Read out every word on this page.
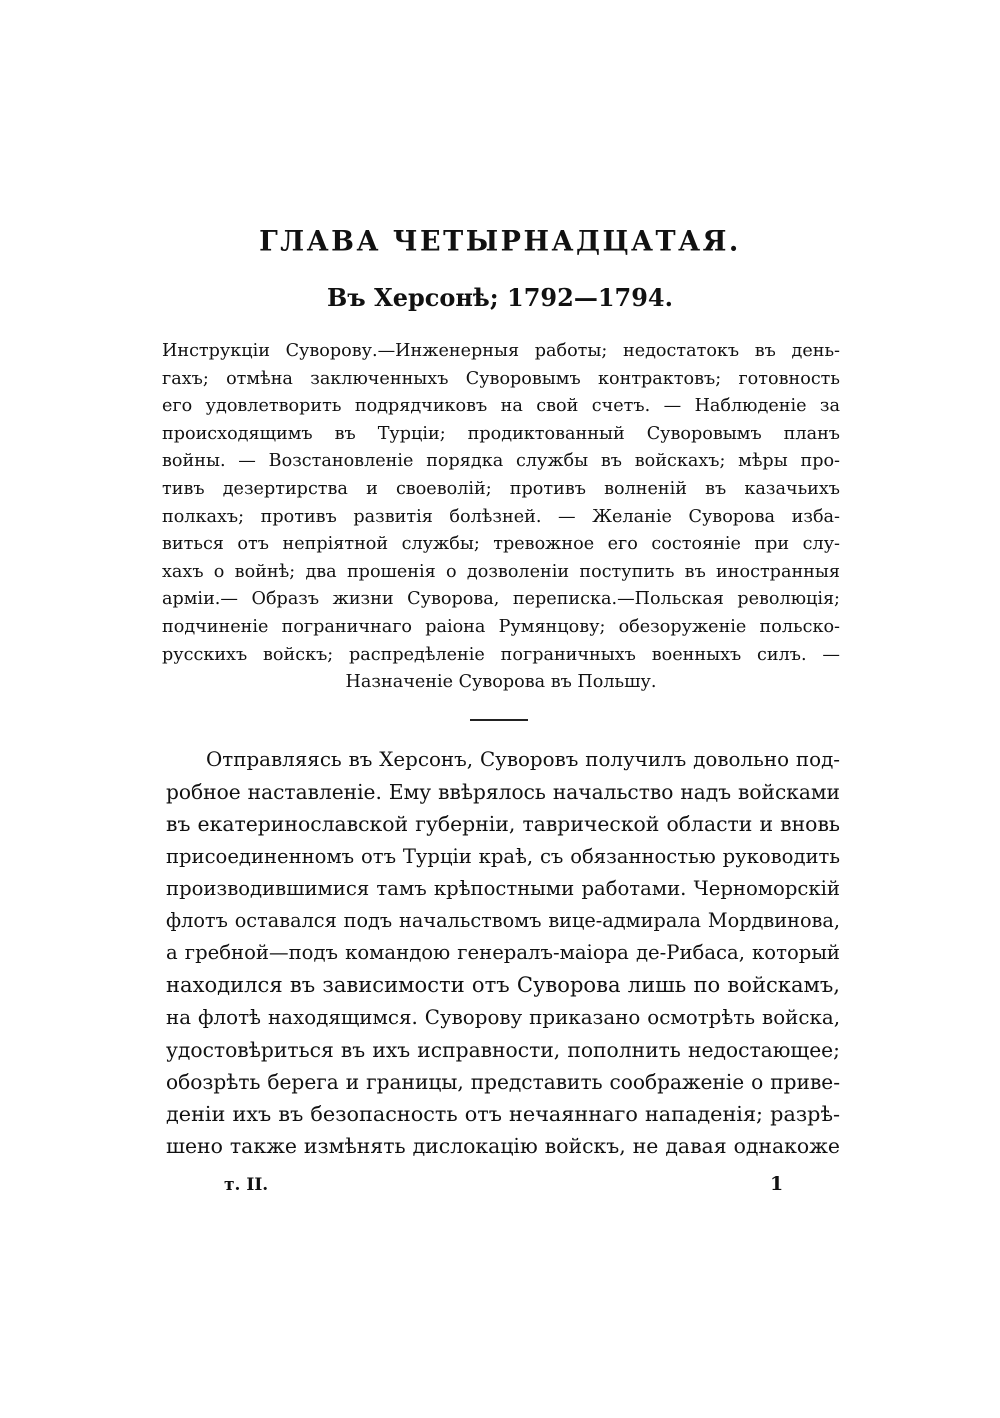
ГЛАВА ЧЕТЫРНАДЦАТАЯ.
Въ Херсонѣ; 1792—1794.
Инструкціи Суворову.—Инженерныя работы; недостатокъ въ день-
гахъ; отмѣна заключенныхъ Суворовымъ контрактовъ; готовность
его удовлетворить подрядчиковъ на свой счетъ. — Наблюденіе за
происходящимъ въ Турціи; продиктованный Суворовымъ планъ
войны. — Возстановленіе порядка службы въ войскахъ; мѣры про-
тивъ дезертирства и своеволій; противъ волненій въ казачьихъ
полкахъ; противъ развитія болѣзней. — Желаніе Суворова изба-
виться отъ непріятной службы; тревожное его состояніе при слу-
хахъ о войнѣ; два прошенія о дозволеніи поступить въ иностранныя
арміи.— Образъ жизни Суворова, переписка.—Польская революція;
подчиненіе пограничнаго раіона Румянцову; обезоруженіе польско-
русскихъ войскъ; распредѣленіе пограничныхъ военныхъ силъ. —
Назначеніе Суворова въ Польшу.
Отправляясь въ Херсонъ, Суворовъ получилъ довольно под-
робное наставленіе. Ему ввѣрялось начальство надъ войсками
въ екатеринославской губерніи, таврической области и вновь
присоединенномъ отъ Турціи краѣ, съ обязанностью руководить
производившимися тамъ крѣпостными работами. Черноморскій
флотъ оставался подъ начальствомъ вице-адмирала Мордвинова,
а гребной—подъ командою генералъ-маіора де-Рибаса, который
находился въ зависимости отъ Суворова лишь по войскамъ,
на флотѣ находящимся. Суворову приказано осмотрѣть войска,
удостовѣриться въ ихъ исправности, пополнить недостающее;
обозрѣть берега и границы, представить соображеніе о приве-
деніи ихъ въ безопасность отъ нечаяннаго нападенія; разрѣ-
шено также измѣнять дислокацію войскъ, не давая однакоже
т. II.	1
